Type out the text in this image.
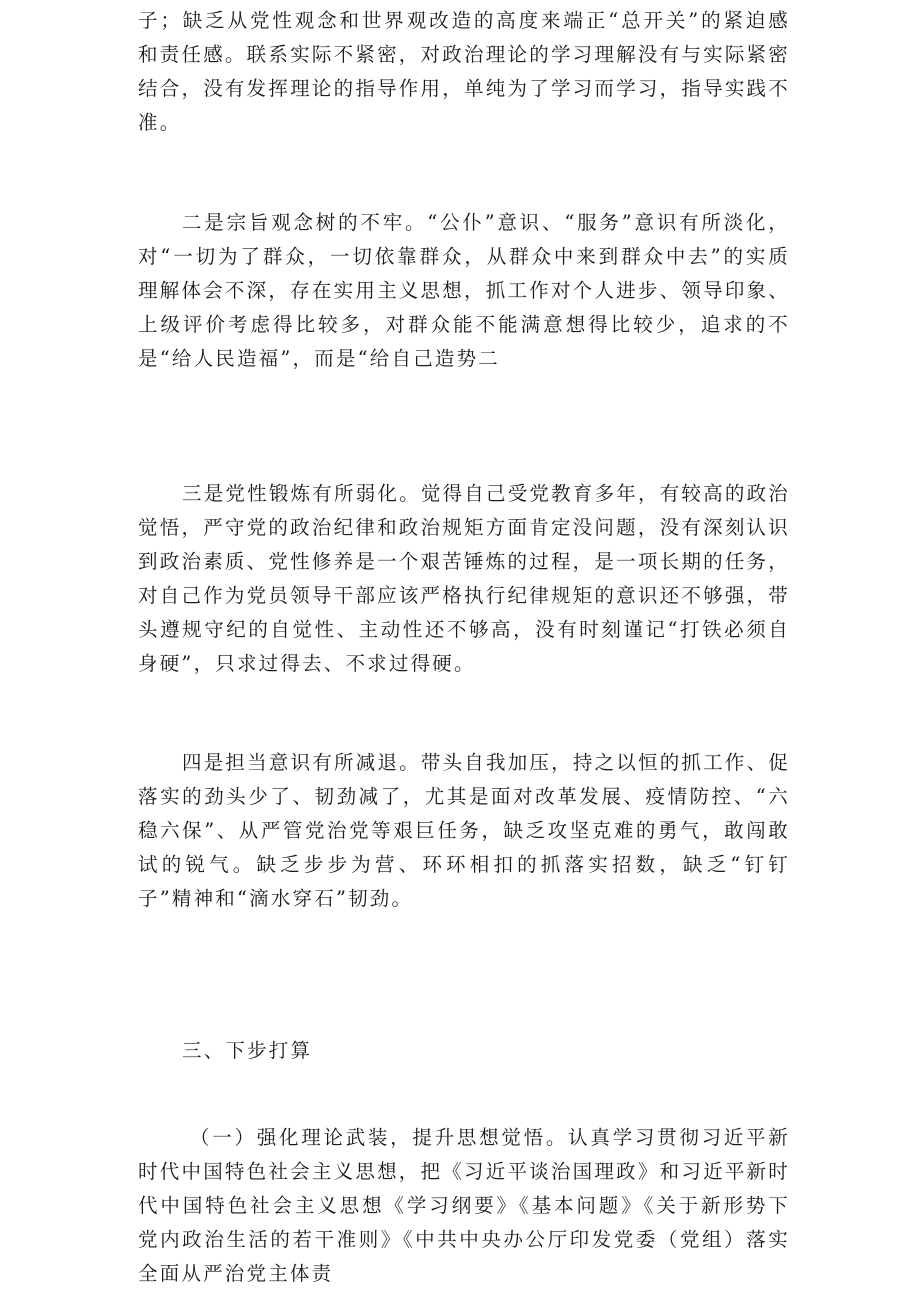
子；缺乏从党性观念和世界观改造的高度来端正“总开关”的紧迫感和责任感。联系实际不紧密，对政治理论的学习理解没有与实际紧密结合，没有发挥理论的指导作用，单纯为了学习而学习，指导实践不准。

二是宗旨观念树的不牢。“公仆”意识、“服务”意识有所淡化，对“一切为了群众，一切依靠群众，从群众中来到群众中去”的实质理解体会不深，存在实用主义思想，抓工作对个人进步、领导印象、上级评价考虑得比较多，对群众能不能满意想得比较少，追求的不是“给人民造福”，而是“给自己造势二

三是党性锻炼有所弱化。觉得自己受党教育多年，有较高的政治觉悟，严守党的政治纪律和政治规矩方面肯定没问题，没有深刻认识到政治素质、党性修养是一个艰苦锤炼的过程，是一项长期的任务，对自己作为党员领导干部应该严格执行纪律规矩的意识还不够强，带头遵规守纪的自觉性、主动性还不够高，没有时刻谨记“打铁必须自身硬”，只求过得去、不求过得硬。

四是担当意识有所减退。带头自我加压，持之以恒的抓工作、促落实的劲头少了、韧劲减了，尤其是面对改革发展、疫情防控、“六稳六保”、从严管党治党等艰巨任务，缺乏攻坚克难的勇气，敢闯敢试的锐气。缺乏步步为营、环环相扣的抓落实招数，缺乏“钉钉子”精神和“滴水穿石”韧劲。

三、下步打算

（一）强化理论武装，提升思想觉悟。认真学习贯彻习近平新时代中国特色社会主义思想，把《习近平谈治国理政》和习近平新时代中国特色社会主义思想《学习纲要》《基本问题》《关于新形势下党内政治生活的若干准则》《中共中央办公厅印发党委（党组）落实全面从严治党主体责
